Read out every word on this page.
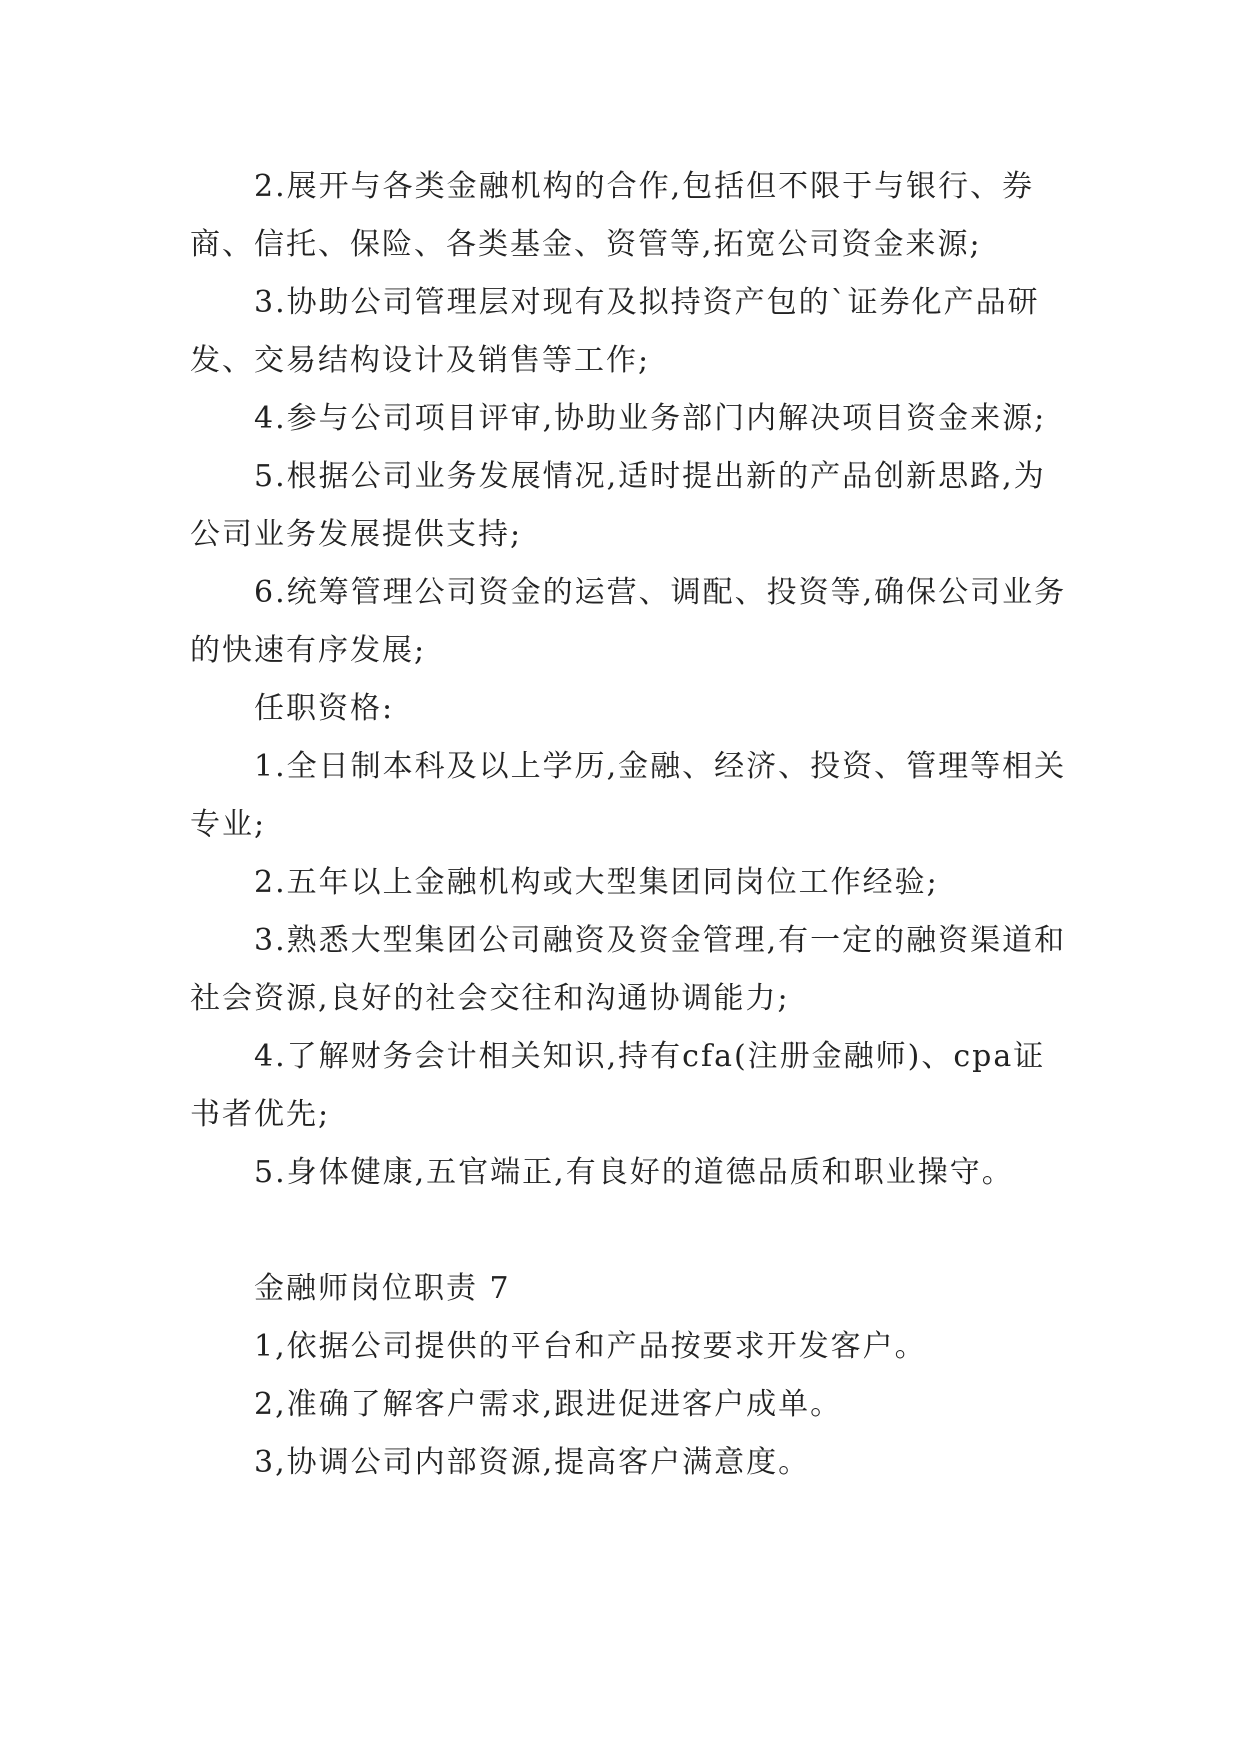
2.展开与各类金融机构的合作,包括但不限于与银行、券商、信托、保险、各类基金、资管等,拓宽公司资金来源;

3.协助公司管理层对现有及拟持资产包的`证券化产品研发、交易结构设计及销售等工作;

4.参与公司项目评审,协助业务部门内解决项目资金来源;

5.根据公司业务发展情况,适时提出新的产品创新思路,为公司业务发展提供支持;

6.统筹管理公司资金的运营、调配、投资等,确保公司业务的快速有序发展;

任职资格:

1.全日制本科及以上学历,金融、经济、投资、管理等相关专业;

2.五年以上金融机构或大型集团同岗位工作经验;

3.熟悉大型集团公司融资及资金管理,有一定的融资渠道和社会资源,良好的社会交往和沟通协调能力;

4.了解财务会计相关知识,持有cfa(注册金融师)、cpa证书者优先;

5.身体健康,五官端正,有良好的道德品质和职业操守。

金融师岗位职责 7

1,依据公司提供的平台和产品按要求开发客户。

2,准确了解客户需求,跟进促进客户成单。

3,协调公司内部资源,提高客户满意度。
